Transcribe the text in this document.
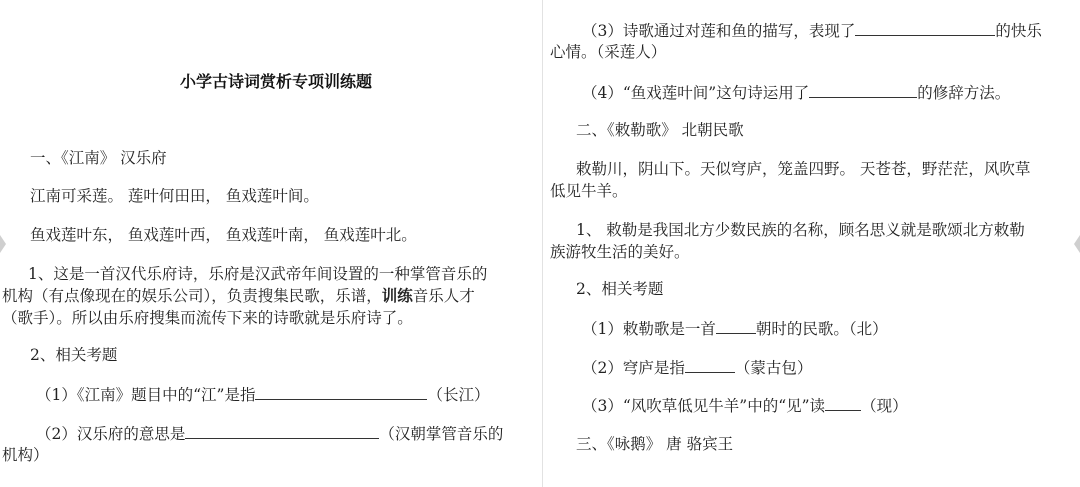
小学古诗词赏析专项训练题
一、《江南》 汉乐府
江南可采莲。 莲叶何田田， 鱼戏莲叶间。
鱼戏莲叶东， 鱼戏莲叶西， 鱼戏莲叶南， 鱼戏莲叶北。
1、这是一首汉代乐府诗，乐府是汉武帝年间设置的一种掌管音乐的
机构（有点像现在的娱乐公司），负责搜集民歌，乐谱，训练音乐人才
（歌手）。所以由乐府搜集而流传下来的诗歌就是乐府诗了。
2、相关考题
（1）《江南》题目中的“江”是指	（长江）
（2）汉乐府的意思是	（汉朝掌管音乐的
机构）
（3）诗歌通过对莲和鱼的描写，表现了	的快乐
心情。（采莲人）
（4）“鱼戏莲叶间”这句诗运用了	的修辞方法。
二、《敕勒歌》 北朝民歌
敕勒川，阴山下。天似穹庐，笼盖四野。 天苍苍，野茫茫，风吹草
低见牛羊。
1、 敕勒是我国北方少数民族的名称，顾名思义就是歌颂北方敕勒
族游牧生活的美好。
2、相关考题
（1）敕勒歌是一首	朝时的民歌。（北）
（2）穹庐是指	（蒙古包）
（3）“风吹草低见牛羊”中的“见”读 （现）
三、《咏鹅》 唐 骆宾王
